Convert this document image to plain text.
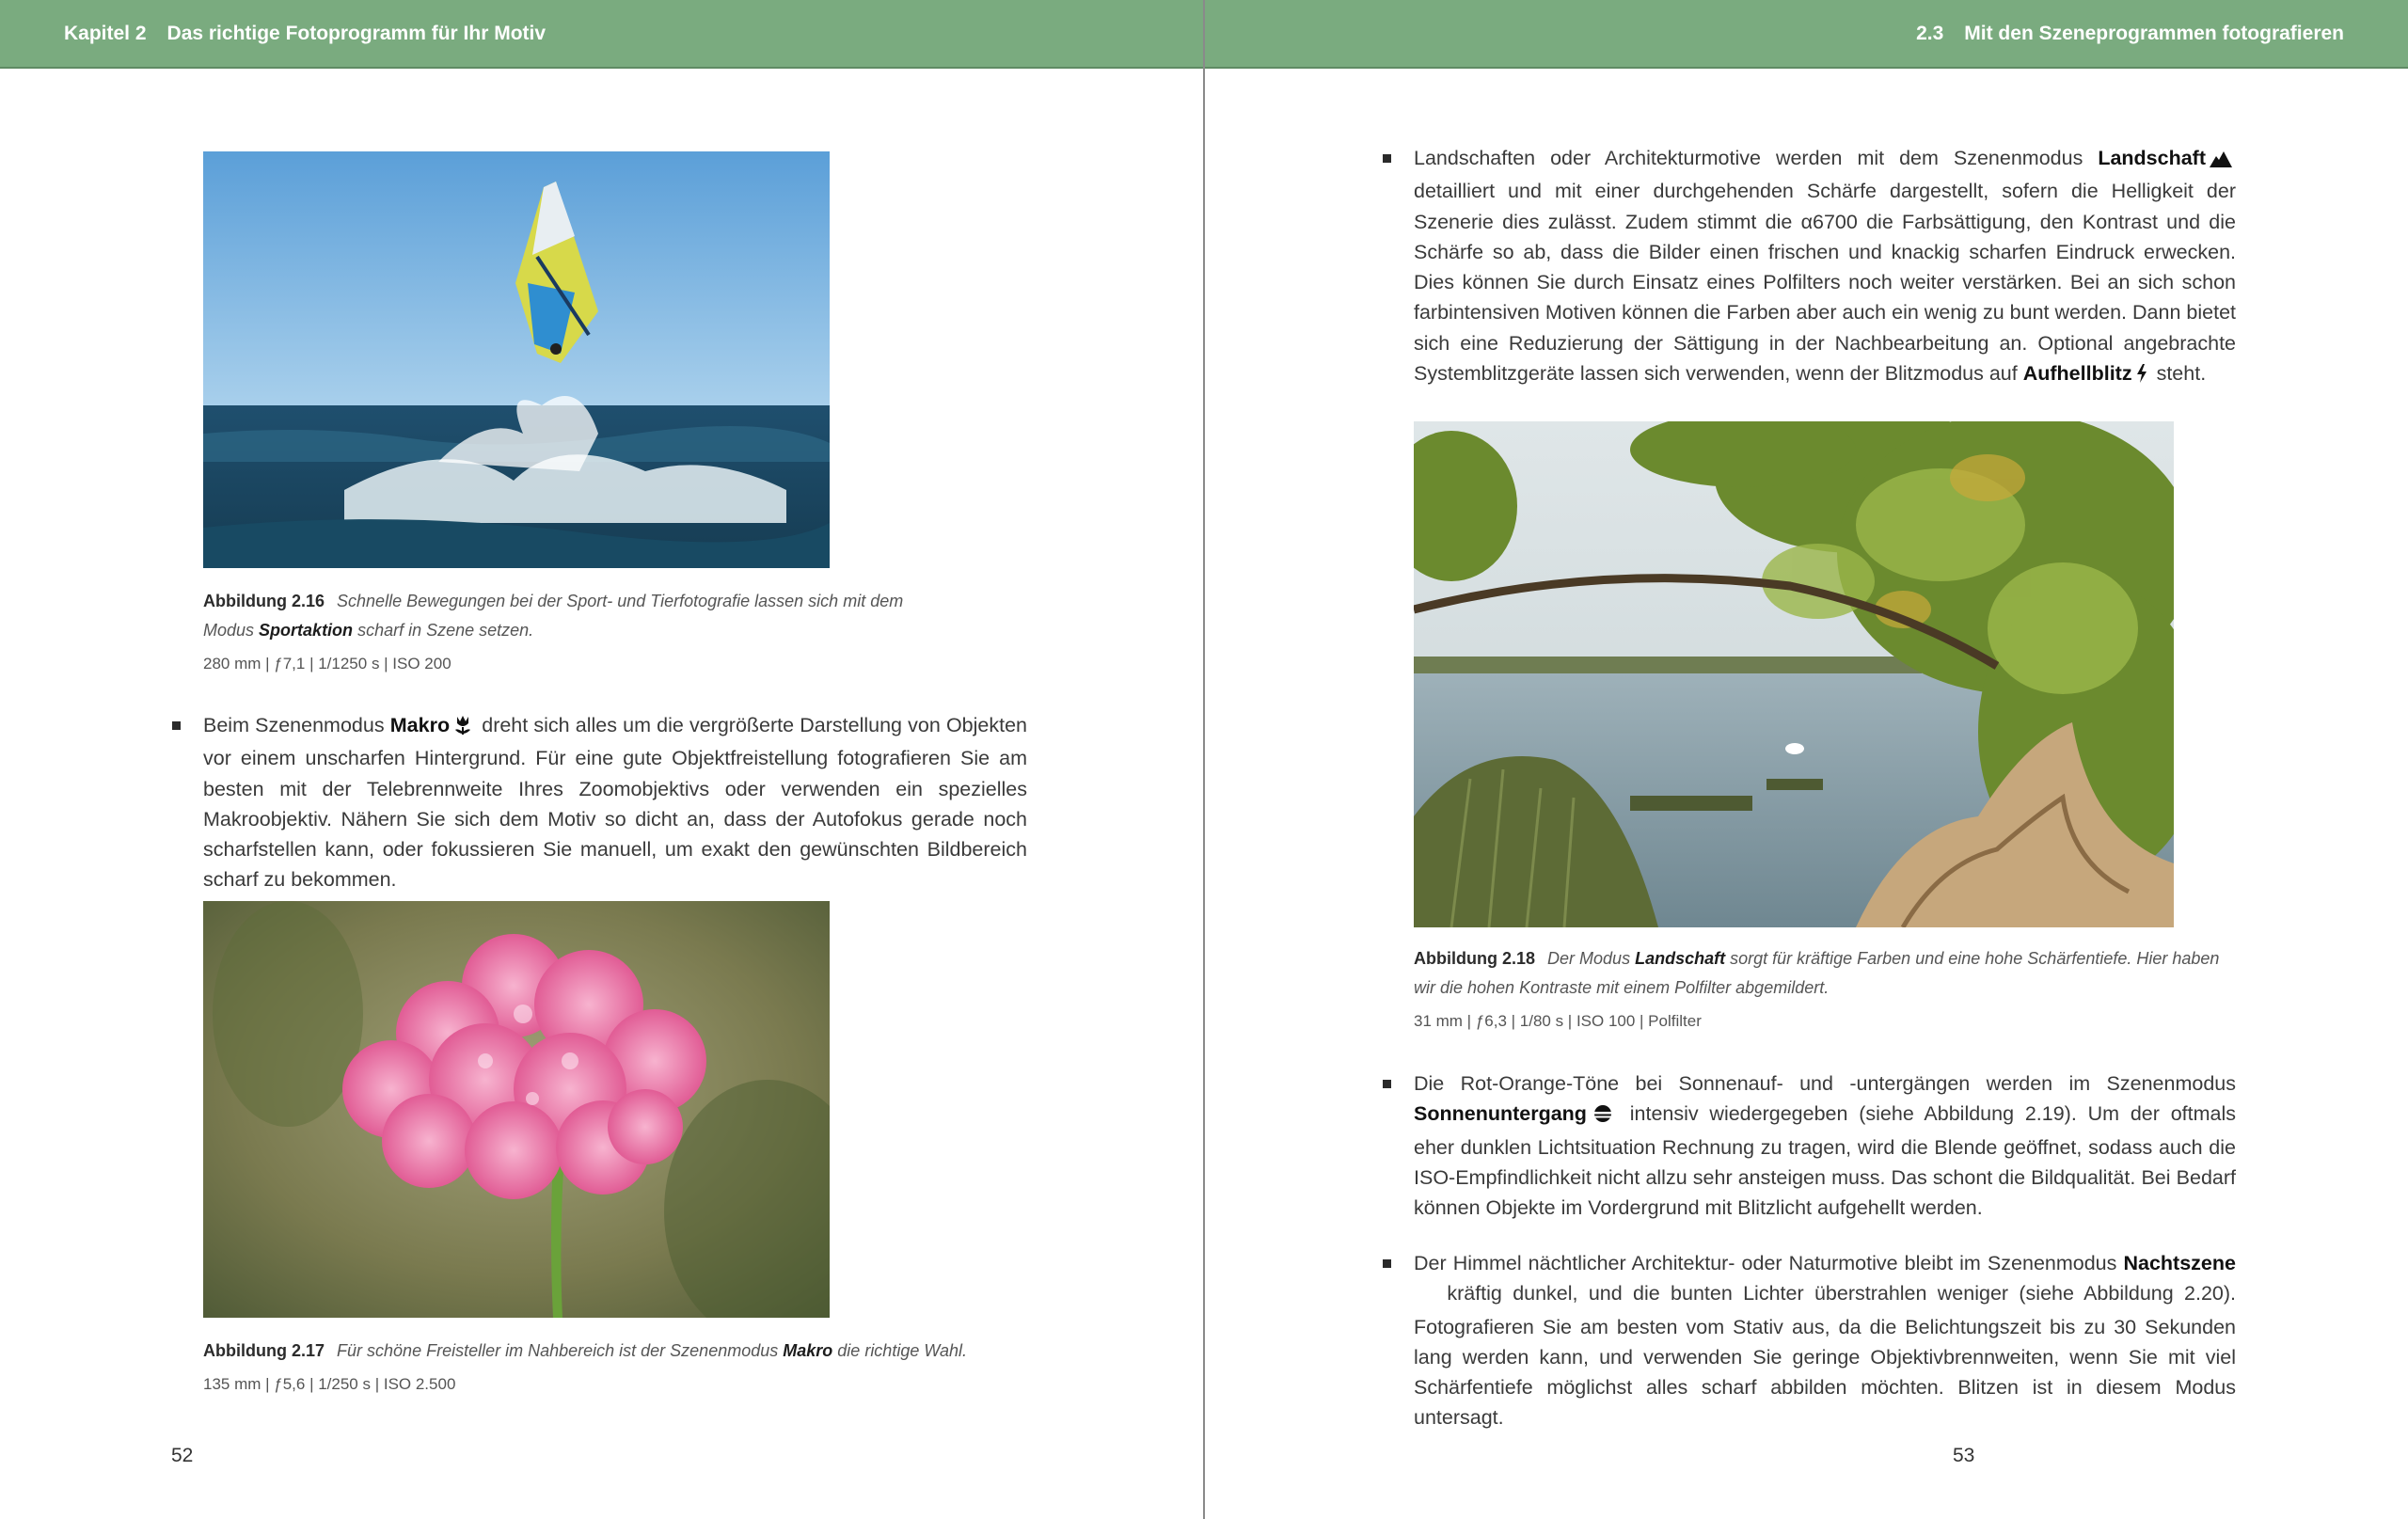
Kapitel 2 Das richtige Fotoprogramm für Ihr Motiv
Abbildung 2.16 Schnelle Bewegungen bei der Sport- und Tierfotografie lassen sich mit dem Modus Sportaktion scharf in Szene setzen.
280 mm | ƒ7,1 | 1/1250 s | ISO 200
Beim Szenenmodus Makro dreht sich alles um die vergrößerte Darstellung von Objekten vor einem unscharfen Hintergrund. Für eine gute Objektfreistellung fotografieren Sie am besten mit der Telebrennweite Ihres Zoomobjektivs oder verwenden ein spezielles Makroobjektiv. Nähern Sie sich dem Motiv so dicht an, dass der Autofokus gerade noch scharfstellen kann, oder fokussieren Sie manuell, um exakt den gewünschten Bildbereich scharf zu bekommen.
Abbildung 2.17 Für schöne Freisteller im Nahbereich ist der Szenenmodus Makro die richtige Wahl.
135 mm | ƒ5,6 | 1/250 s | ISO 2.500
52
2.3 Mit den Szeneprogrammen fotografieren
Landschaften oder Architekturmotive werden mit dem Szenenmodus Landschaft detailliert und mit einer durchgehenden Schärfe dargestellt, sofern die Helligkeit der Szenerie dies zulässt. Zudem stimmt die α6700 die Farbsättigung, den Kontrast und die Schärfe so ab, dass die Bilder einen frischen und knackig scharfen Eindruck erwecken. Dies können Sie durch Einsatz eines Polfilters noch weiter verstärken. Bei an sich schon farbintensiven Motiven können die Farben aber auch ein wenig zu bunt werden. Dann bietet sich eine Reduzierung der Sättigung in der Nachbearbeitung an. Optional angebrachte Systemblitzgeräte lassen sich verwenden, wenn der Blitzmodus auf Aufhellblitz steht.
Abbildung 2.18 Der Modus Landschaft sorgt für kräftige Farben und eine hohe Schärfentiefe. Hier haben wir die hohen Kontraste mit einem Polfilter abgemildert.
31 mm | ƒ6,3 | 1/80 s | ISO 100 | Polfilter
Die Rot-Orange-Töne bei Sonnenauf- und -untergängen werden im Szenenmodus Sonnenuntergang intensiv wiedergegeben (siehe Abbildung 2.19). Um der oftmals eher dunklen Lichtsituation Rechnung zu tragen, wird die Blende geöffnet, sodass auch die ISO-Empfindlichkeit nicht allzu sehr ansteigen muss. Das schont die Bildqualität. Bei Bedarf können Objekte im Vordergrund mit Blitzlicht aufgehellt werden.
Der Himmel nächtlicher Architektur- oder Naturmotive bleibt im Szenenmodus Nachtszene kräftig dunkel, und die bunten Lichter überstrahlen weniger (siehe Abbildung 2.20). Fotografieren Sie am besten vom Stativ aus, da die Belichtungszeit bis zu 30 Sekunden lang werden kann, und verwenden Sie geringe Objektivbrennweiten, wenn Sie mit viel Schärfentiefe möglichst alles scharf abbilden möchten. Blitzen ist in diesem Modus untersagt.
53
